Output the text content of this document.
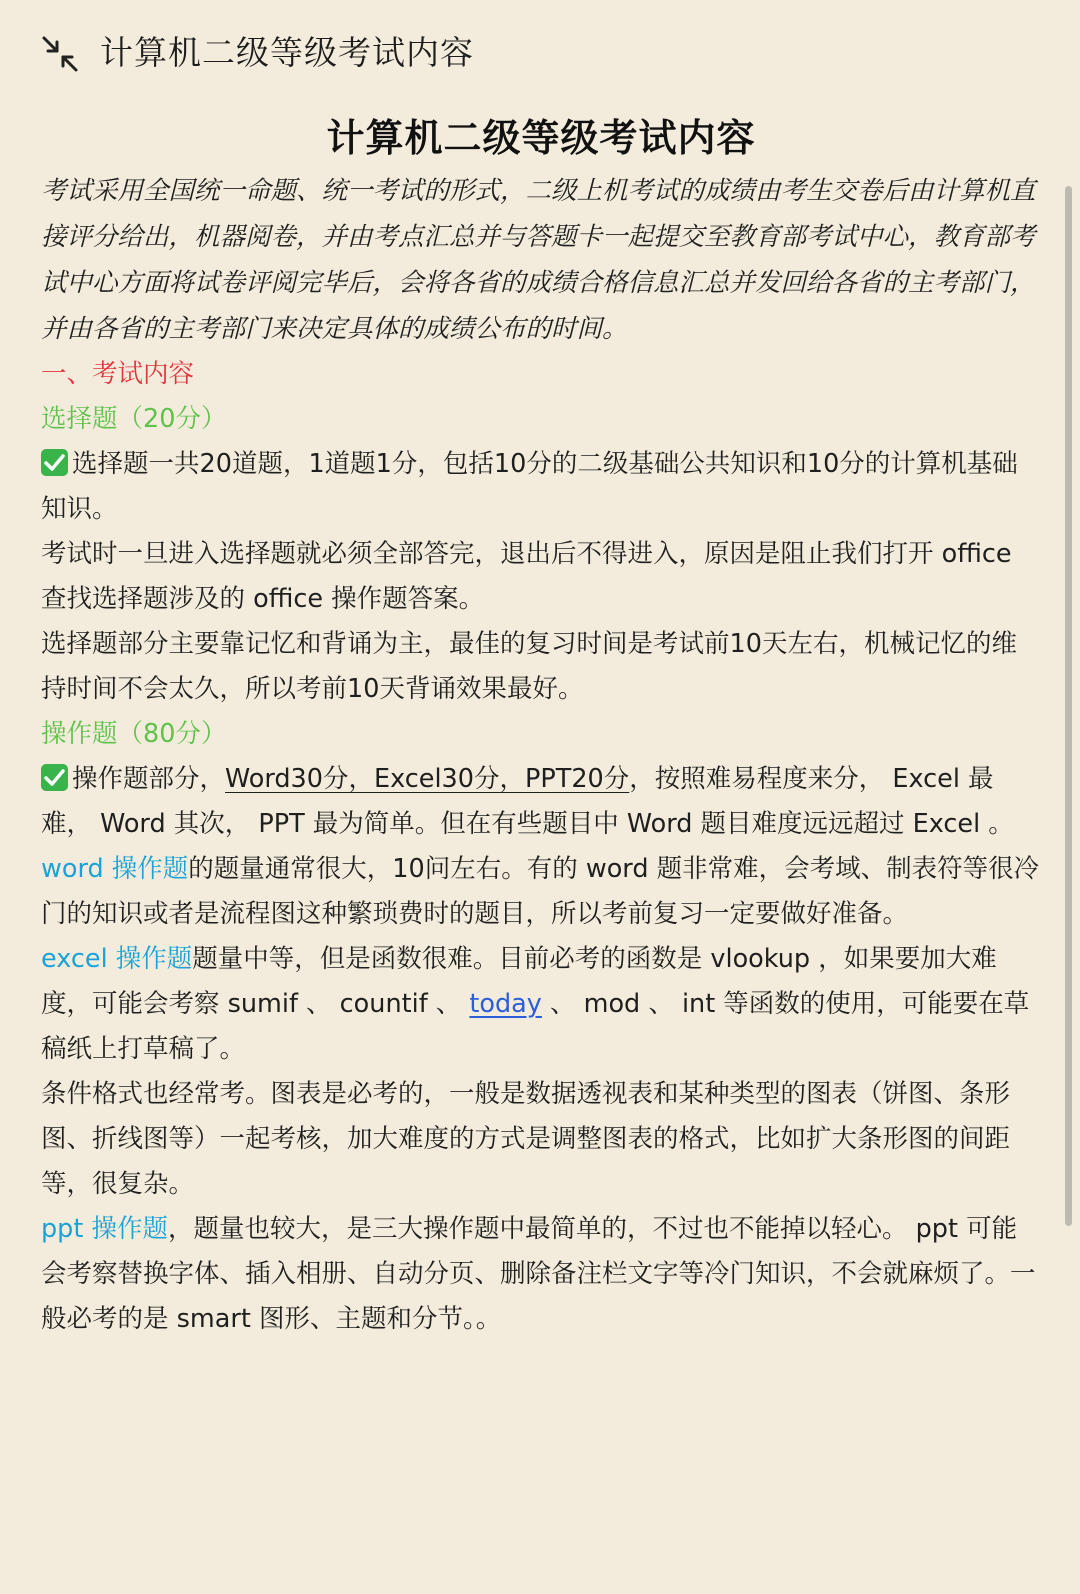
计算机二级等级考试内容
计算机二级等级考试内容

考试采用全国统一命题、统一考试的形式，二级上机考试的成绩由考生交卷后由计算机直接评分给出，机器阅卷，并由考点汇总并与答题卡一起提交至教育部考试中心，教育部考试中心方面将试卷评阅完毕后，会将各省的成绩合格信息汇总并发回给各省的主考部门，并由各省的主考部门来决定具体的成绩公布的时间。

一、考试内容

选择题（20分）

选择题一共20道题，1道题1分，包括10分的二级基础公共知识和10分的计算机基础知识。

考试时一旦进入选择题就必须全部答完，退出后不得进入，原因是阻止我们打开 office 查找选择题涉及的 office 操作题答案。

选择题部分主要靠记忆和背诵为主，最佳的复习时间是考试前10天左右，机械记忆的维持时间不会太久，所以考前10天背诵效果最好。

操作题（80分）

操作题部分，Word30分，Excel30分，PPT20分，按照难易程度来分， Excel 最难， Word 其次， PPT 最为简单。但在有些题目中 Word 题目难度远远超过 Excel 。

word 操作题的题量通常很大，10问左右。有的 word 题非常难，会考域、制表符等很冷门的知识或者是流程图这种繁琐费时的题目，所以考前复习一定要做好准备。

excel 操作题题量中等，但是函数很难。目前必考的函数是 vlookup ，如果要加大难度，可能会考察 sumif 、 countif 、 today 、 mod 、 int 等函数的使用，可能要在草稿纸上打草稿了。

条件格式也经常考。图表是必考的，一般是数据透视表和某种类型的图表（饼图、条形图、折线图等）一起考核，加大难度的方式是调整图表的格式，比如扩大条形图的间距等，很复杂。

ppt 操作题，题量也较大，是三大操作题中最简单的，不过也不能掉以轻心。 ppt 可能会考察替换字体、插入相册、自动分页、删除备注栏文字等冷门知识，不会就麻烦了。一般必考的是 smart 图形、主题和分节。。
